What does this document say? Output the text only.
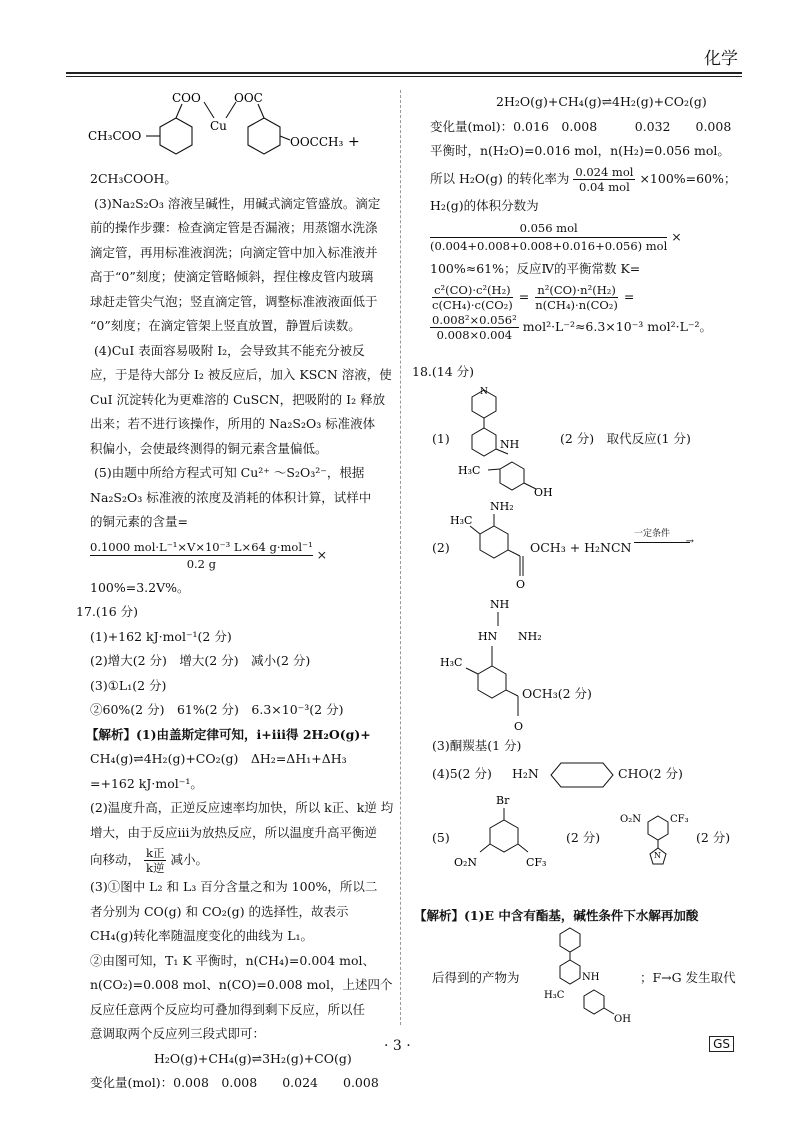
化学
COO	OOC
Cu
CH₃COO	OOCCH₃ +

2CH₃COOH。

(3)Na₂S₂O₃ 溶液呈碱性，用碱式滴定管盛放。滴定

前的操作步骤：检查滴定管是否漏液；用蒸馏水洗涤

滴定管，再用标准液润洗；向滴定管中加入标准液并

高于“0”刻度；使滴定管略倾斜，捏住橡皮管内玻璃

球赶走管尖气泡；竖直滴定管，调整标准液液面低于

“0”刻度；在滴定管架上竖直放置，静置后读数。

(4)CuI 表面容易吸附 I₂，会导致其不能充分被反

应，于是待大部分 I₂ 被反应后，加入 KSCN 溶液，使

CuI 沉淀转化为更难溶的 CuSCN，把吸附的 I₂ 释放

出来；若不进行该操作，所用的 Na₂S₂O₃ 标准液体

积偏小，会使最终测得的铜元素含量偏低。

(5)由题中所给方程式可知 Cu²⁺ ～S₂O₃²⁻，根据

Na₂S₂O₃ 标准液的浓度及消耗的体积计算，试样中

的铜元素的含量=

0.1000 mol·L⁻¹×V×10⁻³ L×64 g·mol⁻¹
0.2 g
×

100%=3.2V%。

17.(16 分)

(1)+162 kJ·mol⁻¹(2 分)

(2)增大(2 分)　增大(2 分)　减小(2 分)

(3)①L₁(2 分)

②60%(2 分)　61%(2 分)　6.3×10⁻³(2 分)

【解析】(1)由盖斯定律可知，ⅰ+ⅲ得 2H₂O(g)+

CH₄(g)⇌4H₂(g)+CO₂(g)　ΔH₂=ΔH₁+ΔH₃

=+162 kJ·mol⁻¹。

(2)温度升高，正逆反应速率均加快，所以 k正、k逆 均

增大，由于反应ⅲ为放热反应，所以温度升高平衡逆

向移动， $\frac{\text{k正}}{\text{k逆}}$ 减小。

(3)①图中 L₂ 和 L₃ 百分含量之和为 100%，所以二

者分别为 CO(g) 和 CO₂(g) 的选择性，故表示

CH₄(g)转化率随温度变化的曲线为 L₁。

②由图可知，T₁ K 平衡时，n(CH₄)=0.004 mol、

n(CO₂)=0.008 mol、n(CO)=0.008 mol，上述四个

反应任意两个反应均可叠加得到剩下反应，所以任

意调取两个反应列三段式即可：

H₂O(g)+CH₄(g)⇌3H₂(g)+CO(g)

变化量(mol)：0.008　0.008　　0.024　　0.008

2H₂O(g)+CH₄(g)⇌4H₂(g)+CO₂(g)

变化量(mol)：0.016　0.008　　　0.032　　0.008

平衡时，n(H₂O)=0.016 mol，n(H₂)=0.056 mol。

所以 H₂O(g) 的转化率为 $\frac{\text{0.024 mol}}{\text{0.04 mol}} \times 100\%=60\%$；

H₂(g)的体积分数为

0.056 mol
(0.004+0.008+0.008+0.016+0.056) mol
×

100%≈61%；反应Ⅳ的平衡常数 K=

$\frac{\text{c²(CO)·c²(H₂)}}{\text{c(CH₄)·c(CO₂)}} = \frac{\text{n²(CO)·n²(H₂)}}{\text{n(CH₄)·n(CO₂)}}$ =

$\frac{\text{0.008²×0.056²}}{0.008\times 0.004} mol^2\cdot L^{-2}\approx 6.3\times 10^{-3}$ mol²·L⁻²。

18.(14 分)
N
NH
H₃C
OH
(1)	(2 分)　取代反应(1 分)
NH₂
H₃C
O
(2)	OCH₃ + H₂NCN
一定条件
→
NH
HN NH₂
H₃C
O
OCH₃(2 分)
(3)酮羰基(1 分)
(4)5(2 分) H₂N	CHO(2 分)
Br
O₂N	CF₃
(5)	(2 分)
O₂N	CF₃
N
(2 分)
【解析】(1)E 中含有酯基，碱性条件下水解再加酸
NH
H₃C
OH
后得到的产物为	；F→G 发生取代
· 3 ·	GS
